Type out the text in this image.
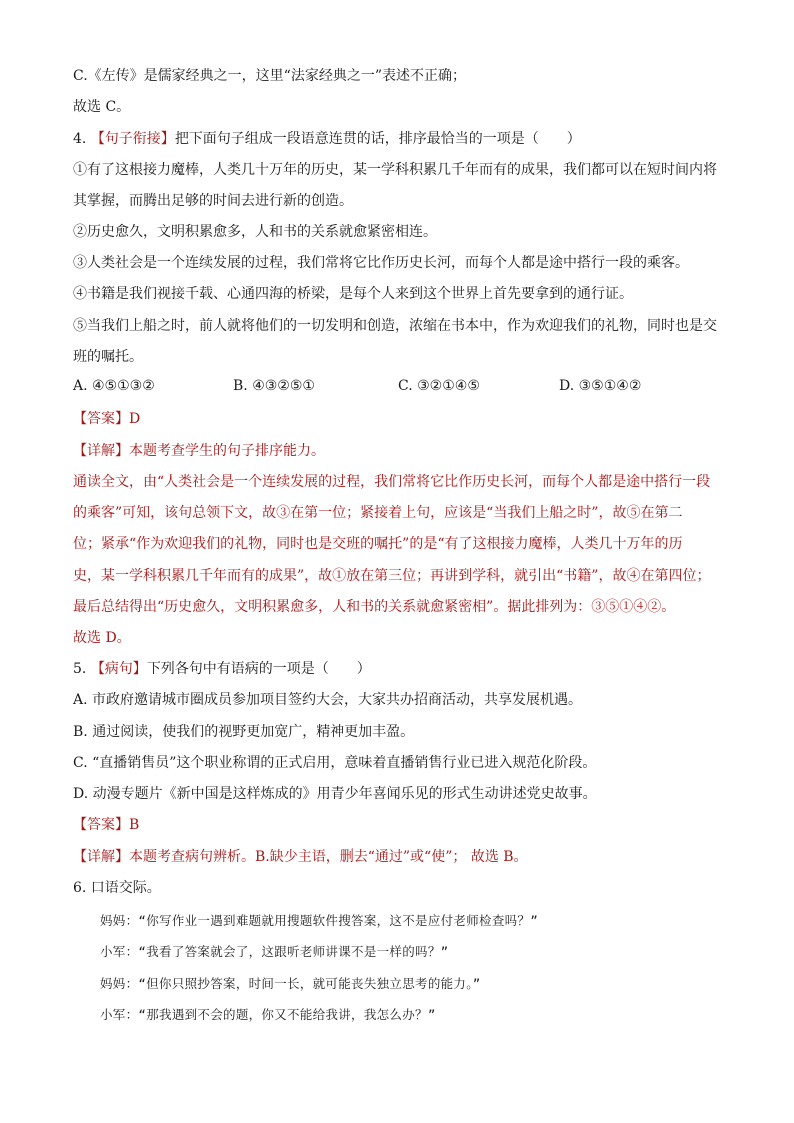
C.《左传》是儒家经典之一，这里“法家经典之一”表述不正确；
故选 C。
4. 【句子衔接】把下面句子组成一段语意连贯的话，排序最恰当的一项是（　　）
①有了这根接力魔棒，人类几十万年的历史，某一学科积累几千年而有的成果，我们都可以在短时间内将
其掌握，而腾出足够的时间去进行新的创造。
②历史愈久，文明积累愈多，人和书的关系就愈紧密相连。
③人类社会是一个连续发展的过程，我们常将它比作历史长河，而每个人都是途中搭行一段的乘客。
④书籍是我们视接千载、心通四海的桥梁，是每个人来到这个世界上首先要拿到的通行证。
⑤当我们上船之时，前人就将他们的一切发明和创造，浓缩在书本中，作为欢迎我们的礼物，同时也是交
班的嘱托。
A. ④⑤①③②	B. ④③②⑤①	C. ③②①④⑤	D. ③⑤①④②
【答案】D
【详解】本题考查学生的句子排序能力。
通读全文，由“人类社会是一个连续发展的过程，我们常将它比作历史长河，而每个人都是途中搭行一段
的乘客”可知，该句总领下文，故③在第一位；紧接着上句，应该是“当我们上船之时”，故⑤在第二
位；紧承“作为欢迎我们的礼物，同时也是交班的嘱托”的是“有了这根接力魔棒，人类几十万年的历
史，某一学科积累几千年而有的成果”，故①放在第三位；再讲到学科，就引出“书籍”，故④在第四位；
最后总结得出“历史愈久，文明积累愈多，人和书的关系就愈紧密相”。据此排列为：③⑤①④②。
故选 D。
5. 【病句】下列各句中有语病的一项是（　　）
A. 市政府邀请城市圈成员参加项目签约大会，大家共办招商活动，共享发展机遇。
B. 通过阅读，使我们的视野更加宽广，精神更加丰盈。
C. “直播销售员”这个职业称谓的正式启用，意味着直播销售行业已进入规范化阶段。
D. 动漫专题片《新中国是这样炼成的》用青少年喜闻乐见的形式生动讲述党史故事。
【答案】B
【详解】本题考查病句辨析。B.缺少主语，删去“通过”或“使”； 故选 B。
6. 口语交际。
妈妈：“你写作业一遇到难题就用搜题软件搜答案，这不是应付老师检查吗？”
小军：“我看了答案就会了，这跟听老师讲课不是一样的吗？”
妈妈：“但你只照抄答案，时间一长，就可能丧失独立思考的能力。”
小军：“那我遇到不会的题，你又不能给我讲，我怎么办？”
